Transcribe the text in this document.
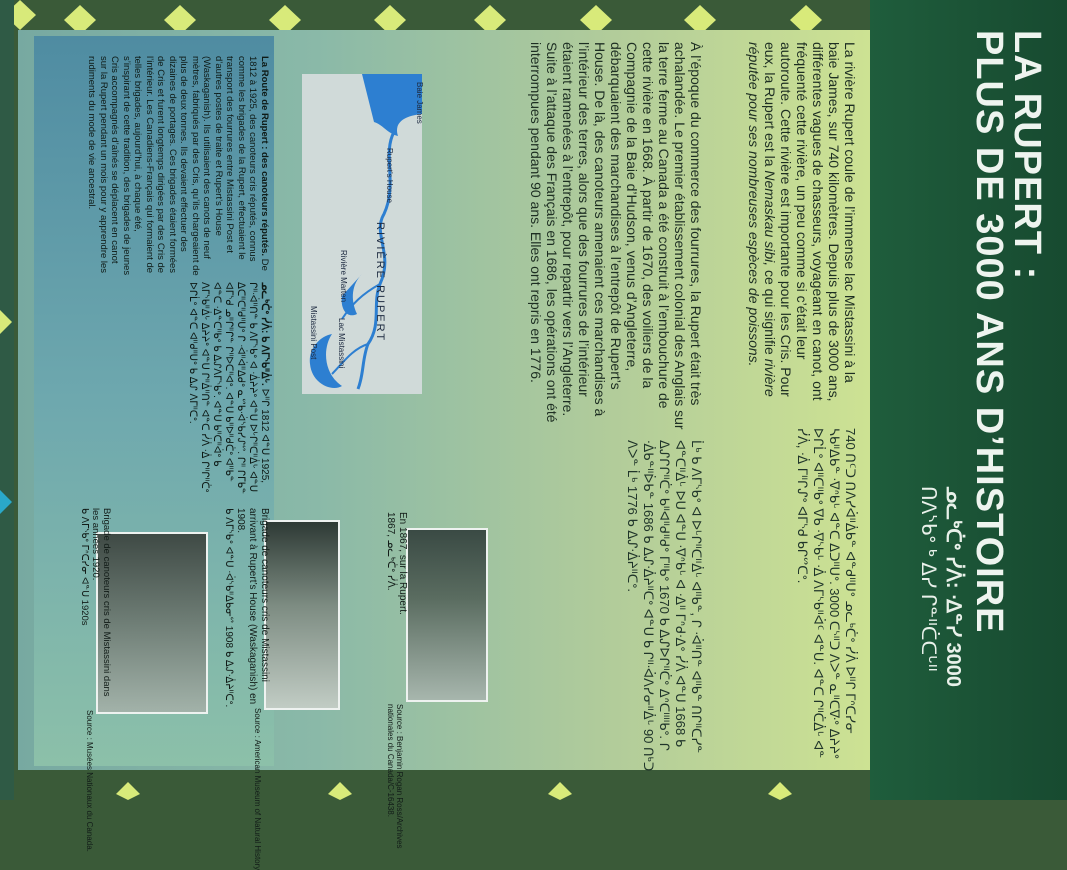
LA RUPERT :
PLUS DE 3000 ANS D’HISTOIRE
ᓄᓚᒃᑖᐤ ᓰᐲ: ᐧᐃᓐᓯ 3000
ᑎᐱᔅᑲᐤ ᒃ ᐃᓯ ᒋᓐᐦᑖᑕᒡᐦ
La rivière Rupert coule de l’immense lac Mistassini à la baie James, sur 740 kilomètres. Depuis plus de 3000 ans, différentes vagues de chasseurs, voyageant en canot, ont fréquenté cette rivière, un peu comme si c’était leur autoroute. Cette rivière est importante pour les Cris. Pour eux, la Rupert est la Nemaskau sibi, ce qui signifie rivière réputée pour ses nombreuses espèces de poissons.

À l’époque du commerce des fourrures, la Rupert était très achalandée. Le premier établissement colonial des Anglais sur la terre ferme au Canada a été construit à l’embouchure de cette rivière en 1668. À partir de 1670, des voiliers de la Compagnie de la Baie d’Hudson, venus d’Angleterre, débarquaient des marchandises à l’entrepôt de Rupert’s House. De là, des canoteurs amenaient ces marchandises à l’intérieur des terres, alors que des fourrures de l’intérieur étaient ramenées à l’entrepôt, pour repartir vers l’Angleterre. Suite à l’attaque des Français en 1686, les opérations ont été interrompues pendant 90 ans. Elles ont repris en 1776.

740 ᑎᑦᑐ ᑎᐱᓯᐋᐦᐄᑲᓐ ᐊᓐᑯᐦᑌᐤ ᓄᓚᒃᑖᐤ ᓰᐲ ᐅᐦᒋ ᒥᐢᑕᓯᓂ ᓴᑲᐦᐃᑲᓐ ᐧᐁᐢᑲᒡ ᐊᓐᑕ ᐃᑐᐦᑌᐤ. 3000 ᑕᔅᐦᑐ ᐱᐳᓐ ᓇᐦᑕᐍᐤ ᐃᔨᔨᐤ ᐅᒋᒫᐤ ᐊᐦᑕᐦᑲᐤ ᐁᑲ ᐧᐁᔅᑲᒡ ᐧᐄ ᐱᒥᔅᑲᐦᐋᑦ ᐊᓐᑌ. ᐊᓐᑕ ᒋᐦᑖᐄᒡ ᐊᓐ ᓰᐲ, ᐧᐄ ᒥᐦᒋᔑᐤ ᐊᒥᔅᑯ ᑲᒋᔥᑕᐤ.
ᒫᒃ ᑲ ᐱᒥᔅᑲᐤ ᐊ ᐅᒡᒋᐦᑕᐦᐄᒡ ᐊᐦᑲᓐ, ᒋ ᐧᐋᐦᑎᓐ ᐊᐦᑲᓐ ᑎᒋᐦᑕᓯᓐ ᐊᓐᑕᐦᐄᒡ ᐅᑌ ᐊᓐᑌ ᐧᐁᐢᑲᒡ ᐊ ᐧᐃᐦ ᒥᐢᑯᐧᐃᐤ ᓰᐲ ᐊᓐᑌ 1668 ᑲ ᐃᔑᒋᒋᐦᑖᐤ ᑲᐦᐊᐦᑯᐦᑯᐤ ᒥᐦᑲᐤ 1670 ᑲ ᐃᔑᐅᒋᐦᑖᐤ ᐃᐢᑕᐦᐦᑲᐤ. ᒋ ᐧᐄᑲᓐᐦᐆᑲᓐ 1686 ᑲ ᐃᔑᐧᐄᔨᐦᑕᐤ ᐊᓐᑌ ᑲ ᒋᐦᐧᐋᐱᓯᓂᐦᐄᒡ 90 ᑎᒃᑐ ᐱᐳᓐ ᒫᒃ 1776 ᑲ ᐃᔑᐧᐄᔨᐦᑕᐤ.
Baie James
Rupert’s House
RIVIÈRE RUPERT
Rivière Marten
Lac Mistassini
Mistassini Post
La Route de Rupert : des canoteurs réputés. De 1812 à 1925, des canoteurs cris réputés, connus comme les brigades de la Rupert, effectuaient le transport des fourrures entre Mistassini Post et d’autres postes de traite et Rupert’s House (Waskaganish). Ils utilisaient des canots de neuf mètres, fabriqués par des Cris, qu’ils chargeaient de plus de deux tonnes. Ils devaient effectuer des dizaines de portages. Ces brigades étaient formées de Cris et furent longtemps dirigées par des Cris de l’intérieur. Les Canadiens-Français qui formaient de telles brigades, aujourd’hui, à chaque été, s’inspirant de cette tradition, des brigades de jeunes Cris accompagnés d’aînés se déplacent en canot sur la Rupert pendant un mois pour y apprendre les rudiments du mode de vie ancestral.
ᓄᓚᒃᑖᐤ ᓰᐲ: ᑲ ᐱᒥᔅᑲᐦᐄᒡ. ᐅᐦᒋ 1812 ᐊᓐᑌ 1925, ᒋᐦᐧᐋᐦᑎᓐ ᑲ ᐱᒥᔅᑲᐤ ᐊ ᐧᐄᔨᔨᐤ ᐊᓐᑌ ᐅᒡᒋᐦᑕᐦᐄᒡ ᐊᓐᑌ ᐃᑕᐦᑕᐦᑯᐦᑌᐤ ᒋ ᐧᐋᐦᐋᐦᐃᑯᐤ ᓇᔥᑲᐧᐋᔅᑲᓯᔑᔥ. ᒋᐦ ᒋᒥᑲᓐ ᐊᒥᔅᑯ ᓄᐦᒋᐦᒋᓐ ᒋᐦᐅᑕᐦᐊᐤ. ᐊᓐᑌ ᑲᐦᐅᐦᑯᑖᐤ ᐊᐦᑲᓐ ᐊᓐᑕ ᐧᐃᓐᑕᐦᑲᐤ ᑲ ᐃᔑᐱᒥᔅᑲᐤ. ᐊᓐᑌ ᑲᐦᑕᐦᐋᐤ ᑲ ᐱᒥᔅᑲᐦᐄᒡ ᐃᔨᔨᐤ ᐊᓐᑌ ᒋᐦᐄᐦᑎᓐ ᐊᓐᑕ ᓰᐲ ᐧᐄ ᒋᐦᒋᐦᑖᐤ ᐅᒋᒫᐤ ᐊᓐᑕ ᐊᐦᑯᐦᑌᐤ ᑲ ᐃᔑ ᐱᒥᐦᑕᐤ.
En 1867, sur la Rupert.
1867, ᓄᓚᒃᑖᐤ ᓰᐲ.
Brigade de canoteurs cris de Mistassini arrivant à Rupert’s House (Waskaganish) en 1908.
ᑲ ᐱᒥᔅᑲᐤ ᐊᓐᑌ ᐧᐋᔅᑲᐦᐃᑲᓂᔥ 1908 ᑲ ᐃᔑᐧᐄᔨᐦᑕᐤ.
Brigade de canoteurs cris de Mistassini dans les années 1920.
ᑲ ᐱᒥᔅᑲᐤ ᒥᐢᑕᓯᓂ ᐊᓐᑌ 1920s
Source : Benjamin Rogan Ross/Archives
nationales du Canada/C-16438.
Source : American Museum of Natural History
Source : Musées Nationaux du Canada.
